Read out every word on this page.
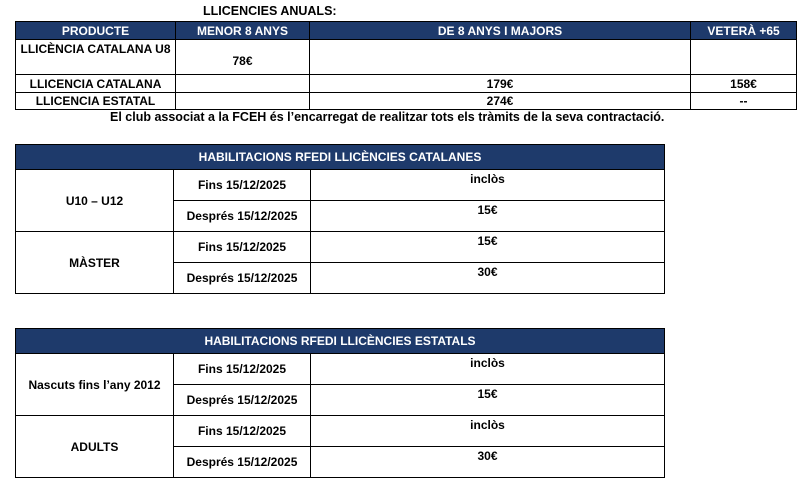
LLICENCIES ANUALS:
PRODUCTE	MENOR 8 ANYS	DE 8 ANYS I MAJORS	VETERÀ +65
LLICÈNCIA CATALANA U8	78€		
LLICENCIA CATALANA		179€	158€
LLICENCIA ESTATAL		274€	--
El club associat a la FCEH és l’encarregat de realitzar tots els tràmits de la seva contractació.
HABILITACIONS RFEDI LLICÈNCIES CATALANES		
U10 – U12	Fins 15/12/2025	inclòs
	Després 15/12/2025	15€
MÀSTER	Fins 15/12/2025	15€
	Després 15/12/2025	30€
HABILITACIONS RFEDI LLICÈNCIES ESTATALS		
Nascuts fins l’any 2012	Fins 15/12/2025	inclòs
	Després 15/12/2025	15€
ADULTS	Fins 15/12/2025	inclòs
	Després 15/12/2025	30€
